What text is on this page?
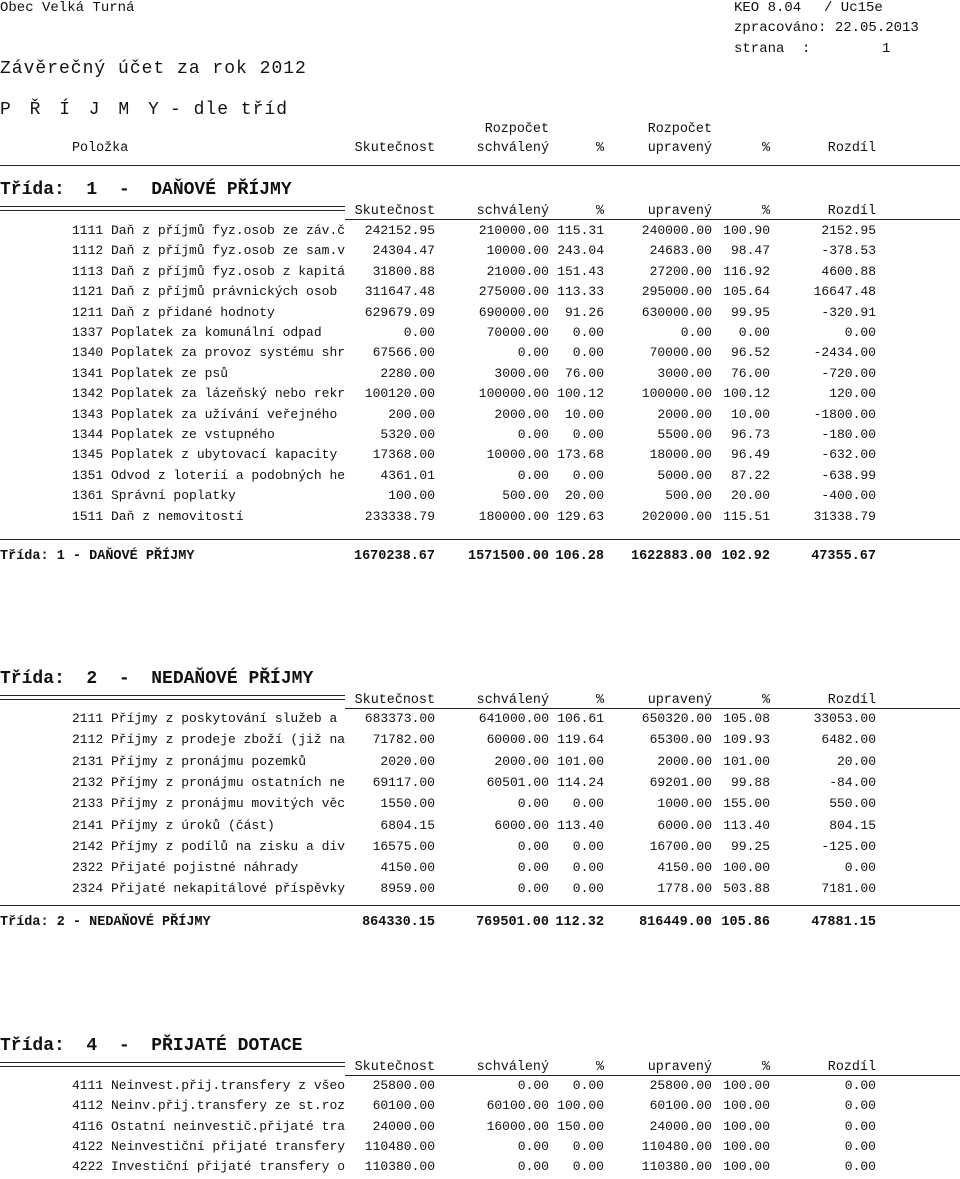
Obec Velká Turná	KEO 8.04 / Uc15e
zpracováno: 22.05.2013
strana :	1
Závěrečný účet za rok 2012
P Ř Í J M Y - dle tříd
Rozpočet	Rozpočet
Položka	Skutečnost	schválený	%	upravený	%	Rozdíl
Třída:  1  -  DAŇOVÉ PŘÍJMY
Skutečnost	schválený	%	upravený	%	Rozdíl
1111 Daň z příjmů fyz.osob ze záv.č 242152.95	210000.00 115.31	240000.00 100.90	2152.95
1112 Daň z příjmů fyz.osob ze sam.v 24304.47	10000.00 243.04	24683.00 98.47	-378.53
1113 Daň z příjmů fyz.osob z kapitá 31800.88	21000.00 151.43	27200.00 116.92	4600.88
1121 Daň z příjmů právnických osob 311647.48	275000.00 113.33	295000.00 105.64	16647.48
1211 Daň z přidané hodnoty	629679.09	690000.00 91.26	630000.00 99.95	-320.91
1337 Poplatek za komunální odpad	0.00	70000.00 0.00	0.00 0.00	0.00
1340 Poplatek za provoz systému shr 67566.00	0.00 0.00	70000.00 96.52	-2434.00
1341 Poplatek ze psů	2280.00	3000.00 76.00	3000.00 76.00	-720.00
1342 Poplatek za lázeňský nebo rekr 100120.00	100000.00 100.12	100000.00 100.12	120.00
1343 Poplatek za užívání veřejného	200.00	2000.00 10.00	2000.00 10.00	-1800.00
1344 Poplatek ze vstupného	5320.00	0.00 0.00	5500.00 96.73	-180.00
1345 Poplatek z ubytovací kapacity	17368.00	10000.00 173.68	18000.00 96.49	-632.00
1351 Odvod z loterií a podobných he	4361.01	0.00 0.00	5000.00 87.22	-638.99
1361 Správní poplatky	100.00	500.00 20.00	500.00 20.00	-400.00
1511 Daň z nemovitostí	233338.79	180000.00 129.63	202000.00 115.51	31338.79
Třída: 1 - DAŇOVÉ PŘÍJMY	1670238.67 1571500.00 106.28 1622883.00 102.92	47355.67
Třída:  2  -  NEDAŇOVÉ PŘÍJMY
Skutečnost	schválený	%	upravený	%	Rozdíl
2111 Příjmy z poskytování služeb a 683373.00	641000.00 106.61	650320.00 105.08	33053.00
2112 Příjmy z prodeje zboží (již na 71782.00	60000.00 119.64	65300.00 109.93	6482.00
2131 Příjmy z pronájmu pozemků	2020.00	2000.00 101.00	2000.00 101.00	20.00
2132 Příjmy z pronájmu ostatních ne 69117.00	60501.00 114.24	69201.00 99.88	-84.00
2133 Příjmy z pronájmu movitých věc	1550.00	0.00 0.00	1000.00 155.00	550.00
2141 Příjmy z úroků (část)	6804.15	6000.00 113.40	6000.00 113.40	804.15
2142 Příjmy z podílů na zisku a div 16575.00	0.00 0.00	16700.00 99.25	-125.00
2322 Přijaté pojistné náhrady	4150.00	0.00 0.00	4150.00 100.00	0.00
2324 Přijaté nekapitálové příspěvky	8959.00	0.00 0.00	1778.00 503.88	7181.00
Třída: 2 - NEDAŇOVÉ PŘÍJMY	864330.15	769501.00 112.32	816449.00 105.86	47881.15
Třída:  4  -  PŘIJATÉ DOTACE
Skutečnost	schválený	%	upravený	%	Rozdíl
4111 Neinvest.přij.transfery z všeo 25800.00	0.00 0.00	25800.00 100.00	0.00
4112 Neinv.přij.transfery ze st.roz 60100.00	60100.00 100.00	60100.00 100.00	0.00
4116 Ostatní neinvestič.přijaté tra 24000.00	16000.00 150.00	24000.00 100.00	0.00
4122 Neinvestiční přijaté transfery 110480.00	0.00 0.00	110480.00 100.00	0.00
4222 Investiční přijaté transfery o 110380.00	0.00 0.00	110380.00 100.00	0.00
